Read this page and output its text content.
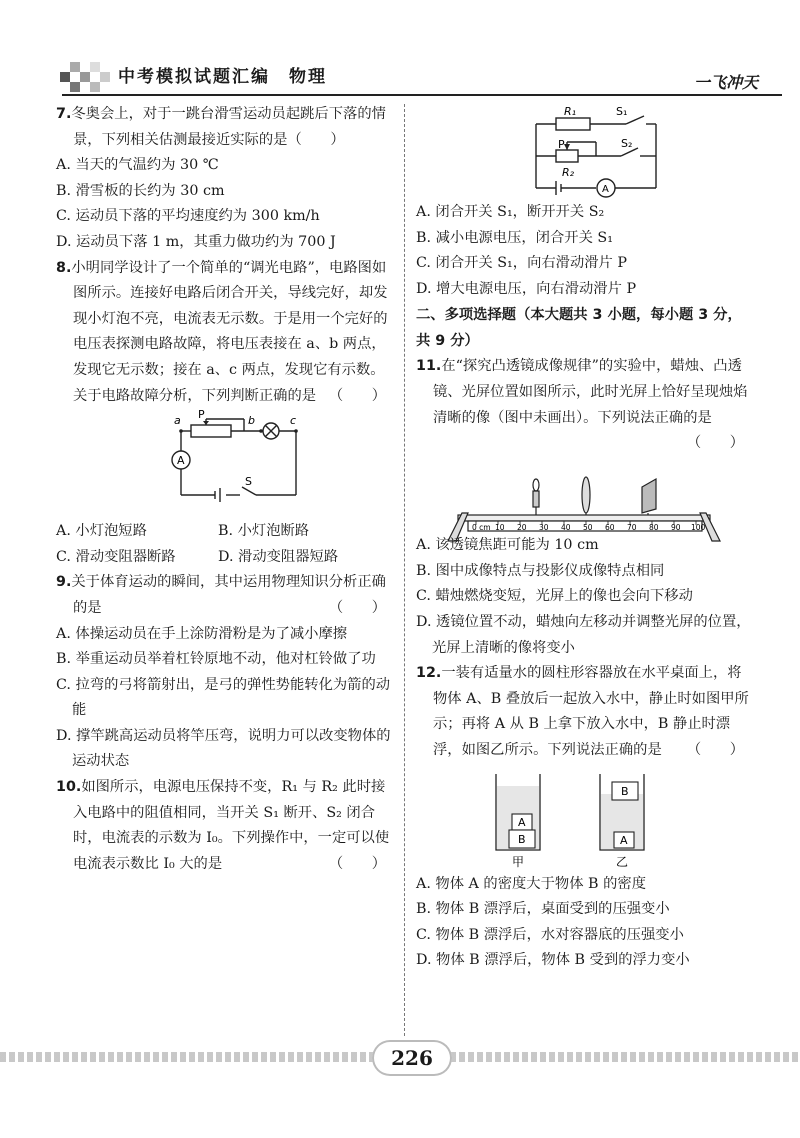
中考模拟试题汇编　物理	一飞冲天

7.冬奥会上，对于一跳台滑雪运动员起跳后下落的情景，下列相关估测最接近实际的是（　　）

A. 当天的气温约为 30 ℃

B. 滑雪板的长约为 30 cm

C. 运动员下落的平均速度约为 300 km/h

D. 运动员下落 1 m，其重力做功约为 700 J

8.小明同学设计了一个简单的“调光电路”，电路图如图所示。连接好电路后闭合开关，导线完好，却发现小灯泡不亮，电流表无示数。于是用一个完好的电压表探测电路故障，将电压表接在 a、b 两点，发现它无示数；接在 a、c 两点，发现它有示数。关于电路故障分析，下列判断正确的是 （　　）

a P	b	c
A
S

A. 小灯泡短路	B. 小灯泡断路

C. 滑动变阻器断路	D. 滑动变阻器短路

9.关于体育运动的瞬间，其中运用物理知识分析正确的是	（　　）

A. 体操运动员在手上涂防滑粉是为了减小摩擦

B. 举重运动员举着杠铃原地不动，他对杠铃做了功

C. 拉弯的弓将箭射出，是弓的弹性势能转化为箭的动能

D. 撑竿跳高运动员将竿压弯，说明力可以改变物体的运动状态

10.如图所示，电源电压保持不变，R₁ 与 R₂ 此时接入电路中的阻值相同，当开关 S₁ 断开、S₂ 闭合时，电流表的示数为 I₀。下列操作中，一定可以使电流表示数比 I₀ 大的是	（　　）

R₁	S₁
P	S₂
R₂
A

A. 闭合开关 S₁，断开开关 S₂

B. 减小电源电压，闭合开关 S₁

C. 闭合开关 S₁，向右滑动滑片 P

D. 增大电源电压，向右滑动滑片 P

二、多项选择题（本大题共 3 小题，每小题 3 分，共 9 分）

11.在“探究凸透镜成像规律”的实验中，蜡烛、凸透镜、光屏位置如图所示，此时光屏上恰好呈现烛焰清晰的像（图中未画出）。下列说法正确的是
（　　）

0 cm 10 20 30 40 50 60 70 80 90 100

A. 该透镜焦距可能为 10 cm

B. 图中成像特点与投影仪成像特点相同

C. 蜡烛燃烧变短，光屏上的像也会向下移动

D. 透镜位置不动，蜡烛向左移动并调整光屏的位置，光屏上清晰的像将变小

12.一装有适量水的圆柱形容器放在水平桌面上，将物体 A、B 叠放后一起放入水中，静止时如图甲所示；再将 A 从 B 上拿下放入水中，B 静止时漂浮，如图乙所示。下列说法正确的是 （　　）

A
B
B
A
甲	乙

A. 物体 A 的密度大于物体 B 的密度

B. 物体 B 漂浮后，桌面受到的压强变小

C. 物体 B 漂浮后，水对容器底的压强变小

D. 物体 B 漂浮后，物体 B 受到的浮力变小

226
